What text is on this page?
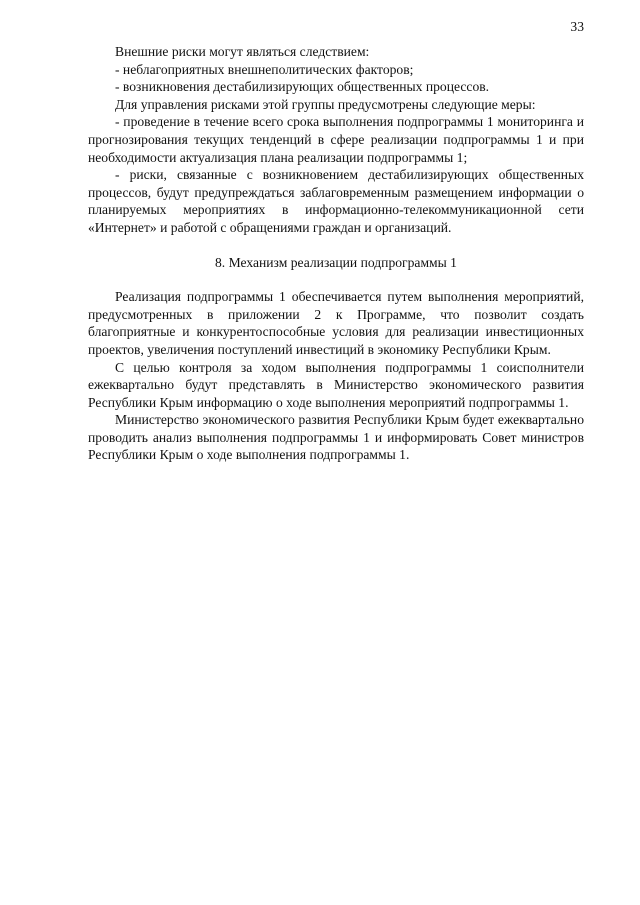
33

Внешние риски могут являться следствием:

- неблагоприятных внешнеполитических факторов;

- возникновения дестабилизирующих общественных процессов.

Для управления рисками этой группы предусмотрены следующие меры:

- проведение в течение всего срока выполнения подпрограммы 1 мониторинга и прогнозирования текущих тенденций в сфере реализации подпрограммы 1 и при необходимости актуализация плана реализации подпрограммы 1;

- риски, связанные с возникновением дестабилизирующих общественных процессов, будут предупреждаться заблаговременным размещением информации о планируемых мероприятиях в информационно-телекоммуникационной сети «Интернет» и работой с обращениями граждан и организаций.

8. Механизм реализации подпрограммы 1

Реализация подпрограммы 1 обеспечивается путем выполнения мероприятий, предусмотренных в приложении 2 к Программе, что позволит создать благоприятные и конкурентоспособные условия для реализации инвестиционных проектов, увеличения поступлений инвестиций в экономику Республики Крым.

С целью контроля за ходом выполнения подпрограммы 1 соисполнители ежеквартально будут представлять в Министерство экономического развития Республики Крым информацию о ходе выполнения мероприятий подпрограммы 1.

Министерство экономического развития Республики Крым будет ежеквартально проводить анализ выполнения подпрограммы 1 и информировать Совет министров Республики Крым о ходе выполнения подпрограммы 1.
